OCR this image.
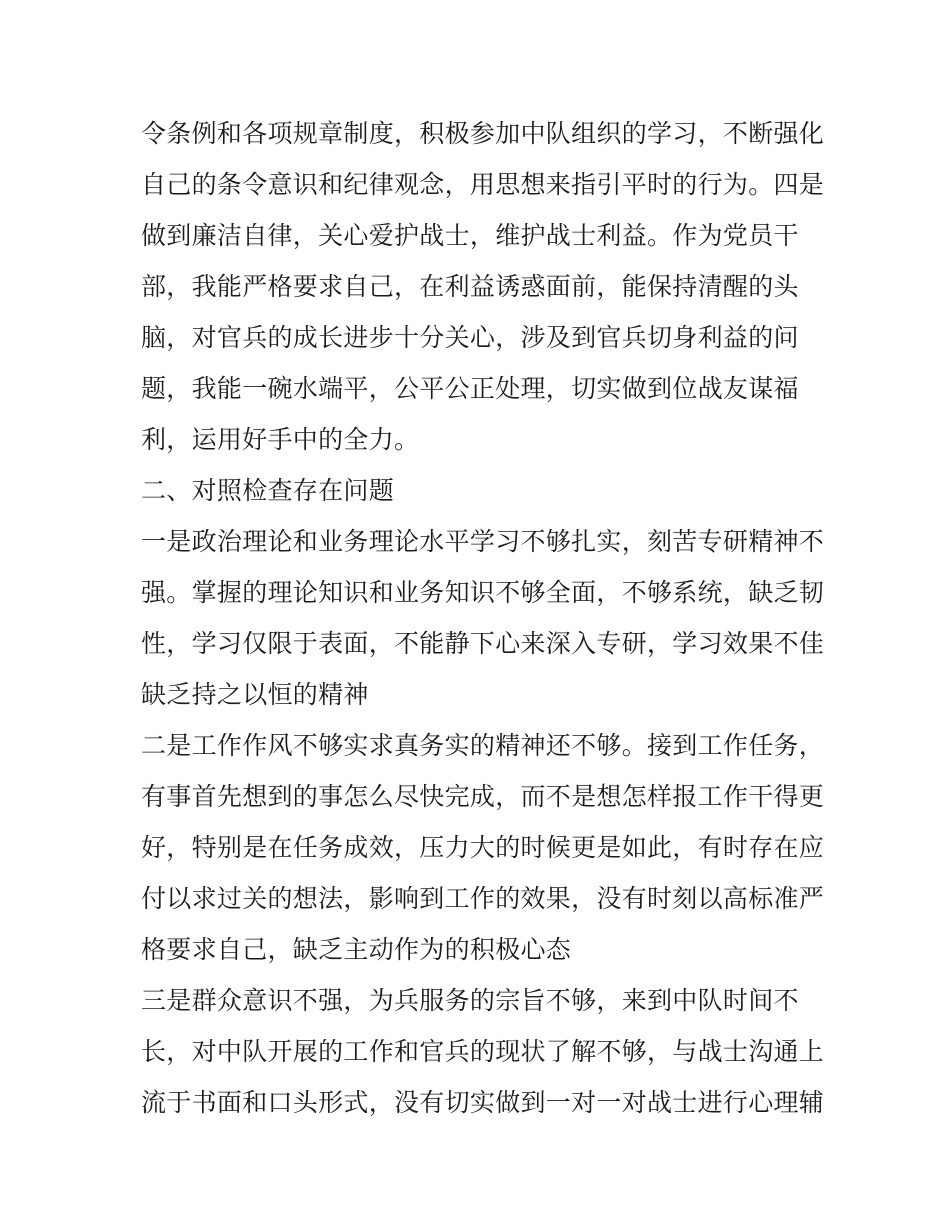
令条例和各项规章制度，积极参加中队组织的学习，不断强化
自己的条令意识和纪律观念，用思想来指引平时的行为。四是
做到廉洁自律，关心爱护战士，维护战士利益。作为党员干
部，我能严格要求自己，在利益诱惑面前，能保持清醒的头
脑，对官兵的成长进步十分关心，涉及到官兵切身利益的问
题，我能一碗水端平，公平公正处理，切实做到位战友谋福
利，运用好手中的全力。
二、对照检查存在问题
一是政治理论和业务理论水平学习不够扎实，刻苦专研精神不
强。掌握的理论知识和业务知识不够全面，不够系统，缺乏韧
性，学习仅限于表面，不能静下心来深入专研，学习效果不佳
缺乏持之以恒的精神
二是工作作风不够实求真务实的精神还不够。接到工作任务，
有事首先想到的事怎么尽快完成，而不是想怎样报工作干得更
好，特别是在任务成效，压力大的时候更是如此，有时存在应
付以求过关的想法，影响到工作的效果，没有时刻以高标准严
格要求自己，缺乏主动作为的积极心态
三是群众意识不强，为兵服务的宗旨不够，来到中队时间不
长，对中队开展的工作和官兵的现状了解不够，与战士沟通上
流于书面和口头形式，没有切实做到一对一对战士进行心理辅
